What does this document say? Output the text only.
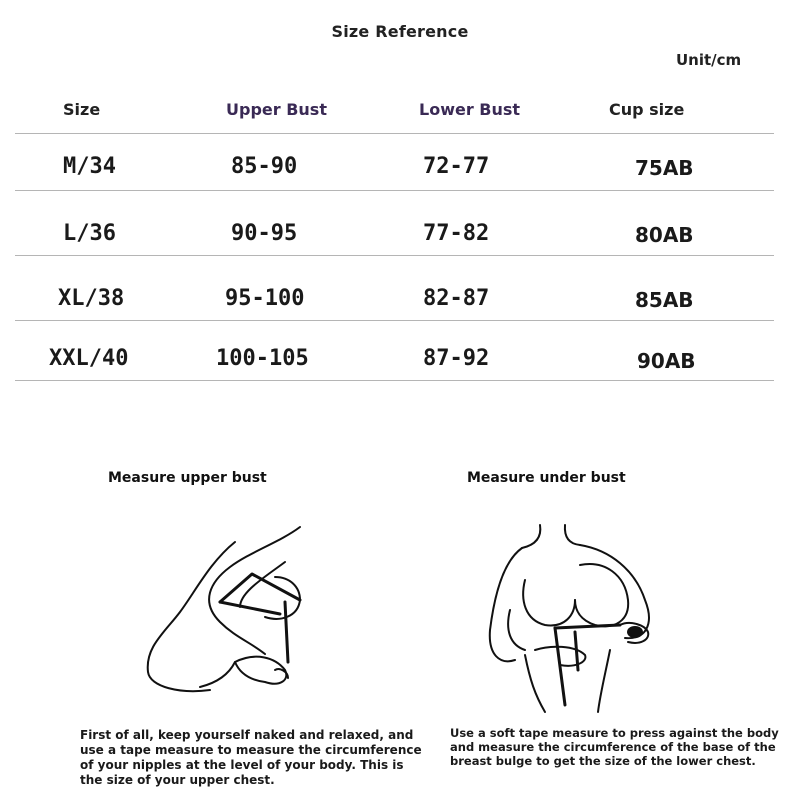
Size Reference
Unit/cm
Size	Upper Bust	Lower Bust	Cup size
M/34	85-90	72-77	75AB
L/36	90-95	77-82	80AB
XL/38	95-100	82-87	85AB
XXL/40	100-105	87-92	90AB
Measure upper bust
First of all, keep yourself naked and relaxed, and
use a tape measure to measure the circumference
of your nipples at the level of your body. This is
the size of your upper chest.
Measure under bust
Use a soft tape measure to press against the body
and measure the circumference of the base of the
breast bulge to get the size of the lower chest.
